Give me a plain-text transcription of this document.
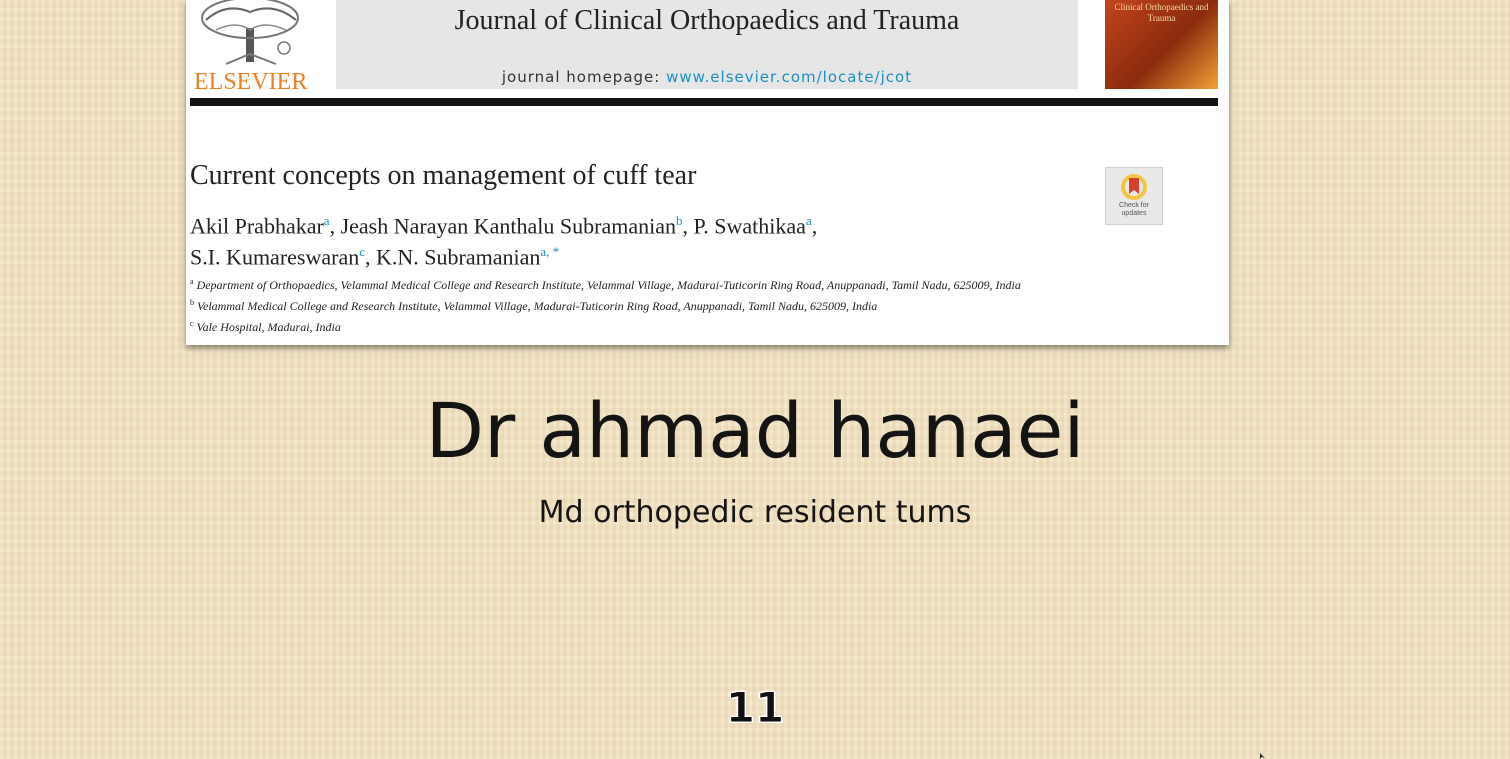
ELSEVIER
Journal of Clinical Orthopaedics and Trauma
journal homepage: www.elsevier.com/locate/jcot
Clinical Orthopaedics and Trauma
Current concepts on management of cuff tear
Akil Prabhakar$^a$, Jeash Narayan Kanthalu Subramanian$^b$, P. Swathikaa$^a$,
S.I. Kumareswaran$^c$, K.N. Subramanian$^{a, *}$
Check for updates
$^a$ Department of Orthopaedics, Velammal Medical College and Research Institute, Velammal Village, Madurai-Tuticorin Ring Road, Anuppanadi, Tamil Nadu, 625009, India
$^b$ Velammal Medical College and Research Institute, Velammal Village, Madurai-Tuticorin Ring Road, Anuppanadi, Tamil Nadu, 625009, India
$^c$ Vale Hospital, Madurai, India
Dr ahmad hanaei
Md orthopedic resident tums
11
